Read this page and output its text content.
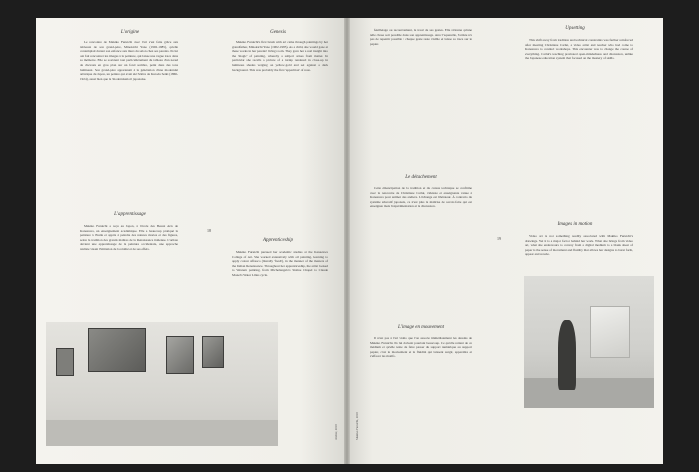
L'origine

Le rencontre de Makiko Furuichi avec l'art s'est faite grâce aux tableaux de son grand-père, Minokichi Yano (1902-1985), qu'elle contemplait durant son enfance aux murs du salon chez ses parents. Ils lui ont fait rencontrer les images à la peinture, qui laisse une vague trace dans sa mémoire. Elle se souvient tout particulièrement du tableau d'un nœud de chevaux en gros plan sur un fond sombre, peint dans des tons lumineux. Son grand-père appartenait à la génération d'une modernité artistique du Japon, un peintre qui avait été l'élève de Kuroda Seiki (1866-1924), aussi bien que la 'modernisation' japonaise.

L'apprentissage

Makiko Furuichi a reçu au Japon, à l'école des Beaux Arts de Kanazawa, un enseignement académique. Elle a beaucoup pratiqué la peinture à l'huile et appris à peindre des natures mortes et des figures, selon la tradition des grands maîtres de la Renaissance italienne. L'artiste devient une apprentissage de la peinture occidentale, une approche réaliste visant l'imitation de la réalité et de ses effets.

Genesis

Makiko Furuichi's first brush with art came through paintings by her grandfather, Minokichi Yano (1902-1985). As a child, she would gaze at these works in her parents' living room. They gave her a real insight into the 'magic' of painting, whereby a subject arises from matter. In particular she recalls a picture of a turnip rendered in close-up in luminous shades verging on yellow-gold and set against a dark background. This was probably the first 'apparition' of note.

Apprenticeship

Makiko Furuichi pursued her academic studies at the Kanazawa College of Art. She worked extensively with oil painting, learning to apply colour affresco (literally 'fresh'), in the manner of the masters of the Italian Renaissance. Throughout her apprenticeship, the artist looked to Western painting, from Michelangelo's Sistine Chapel to Claude Monet's Water Lilies cycle.

18
Atelier, 2018

feuilletage ou recouvrement, le tracé de ses gestes. Elle s'étonne qu'une telle chose soit possible dans son apprentissage. Avec l'aquarelle, l'artiste n'a pas de repentir possible : chaque geste reste visible et laisse sa trace sur le papier.

Le détachement

Cette émancipation de la tradition et du cursus technique se confirme avec la rencontre de Christiane Carlut, vidéaste et enseignante venue à Kanazawa pour animer des ateliers. L'échange est libérateur. À contrario du système éducatif japonais, ce n'est plus la maîtrise de savoir-faire qui est enseignée mais l'expérimentation et la discussion.

L'image en mouvement

Il n'est pas à l'art vidéo que l'on associe immédiatement les dessins de Makiko Furuichi. Ils lui doivent pourtant beaucoup. Ce qu'elle retient de ce médium et qu'elle tente de faire passer du support numérique au support papier, c'est le mouvement et la fluidité qui laissent surgir, apparaître et s'effacer les motifs.

Upsetting

This shift away from tradition and technical constraints was further reinforced after meeting Christiane Carlut, a video artist and teacher who had come to Kanazawa to conduct workshops. This encounter was to change the course of everything. Carlut's teaching promoted open-mindedness and discussion, unlike the Japanese education system that focused on the mastery of skills.

Images in motion

Video art is not something readily associated with Makiko Furuichi's drawings. Yet it is a major factor behind her work. What she brings from video art, what she endeavours to convey from a digital medium to a blank sheet of paper is the sense of movement and fluidity that allows her designs to burst forth, appear and recede.

19
Makiko Furuichi, 2018
